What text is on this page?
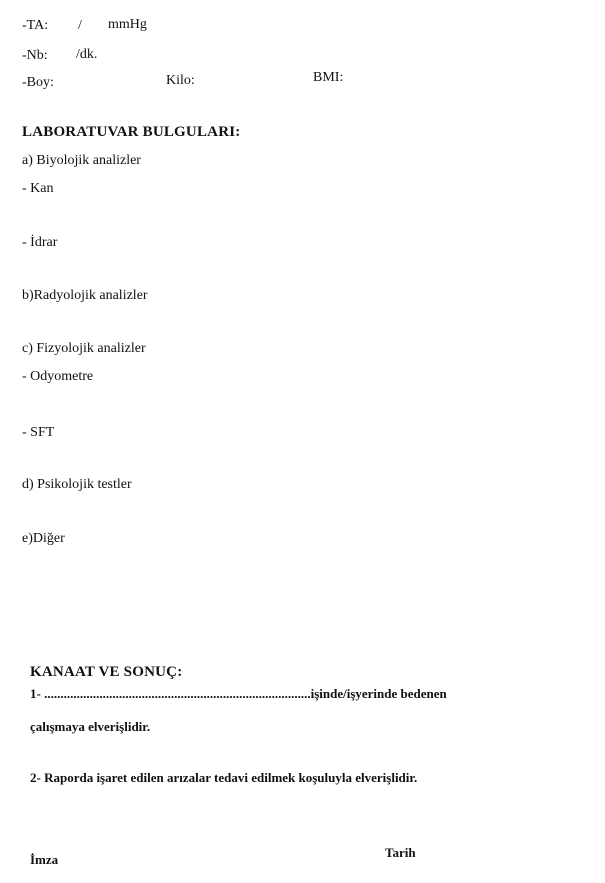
-TA: / mmHg
-Nb: /dk.
-Boy:	Kilo:	BMI:
LABORATUVAR BULGULARI:
a) Biyolojik analizler
- Kan
- İdrar
b)Radyolojik analizler
c) Fizyolojik analizler
- Odyometre
- SFT
d) Psikolojik testler
e)Diğer
KANAAT VE SONUÇ:
1- ..................................................................................işinde/işyerinde bedenen
çalışmaya elverişlidir.
2- Raporda işaret edilen arızalar tedavi edilmek koşuluyla elverişlidir.
Tarih
İmza
